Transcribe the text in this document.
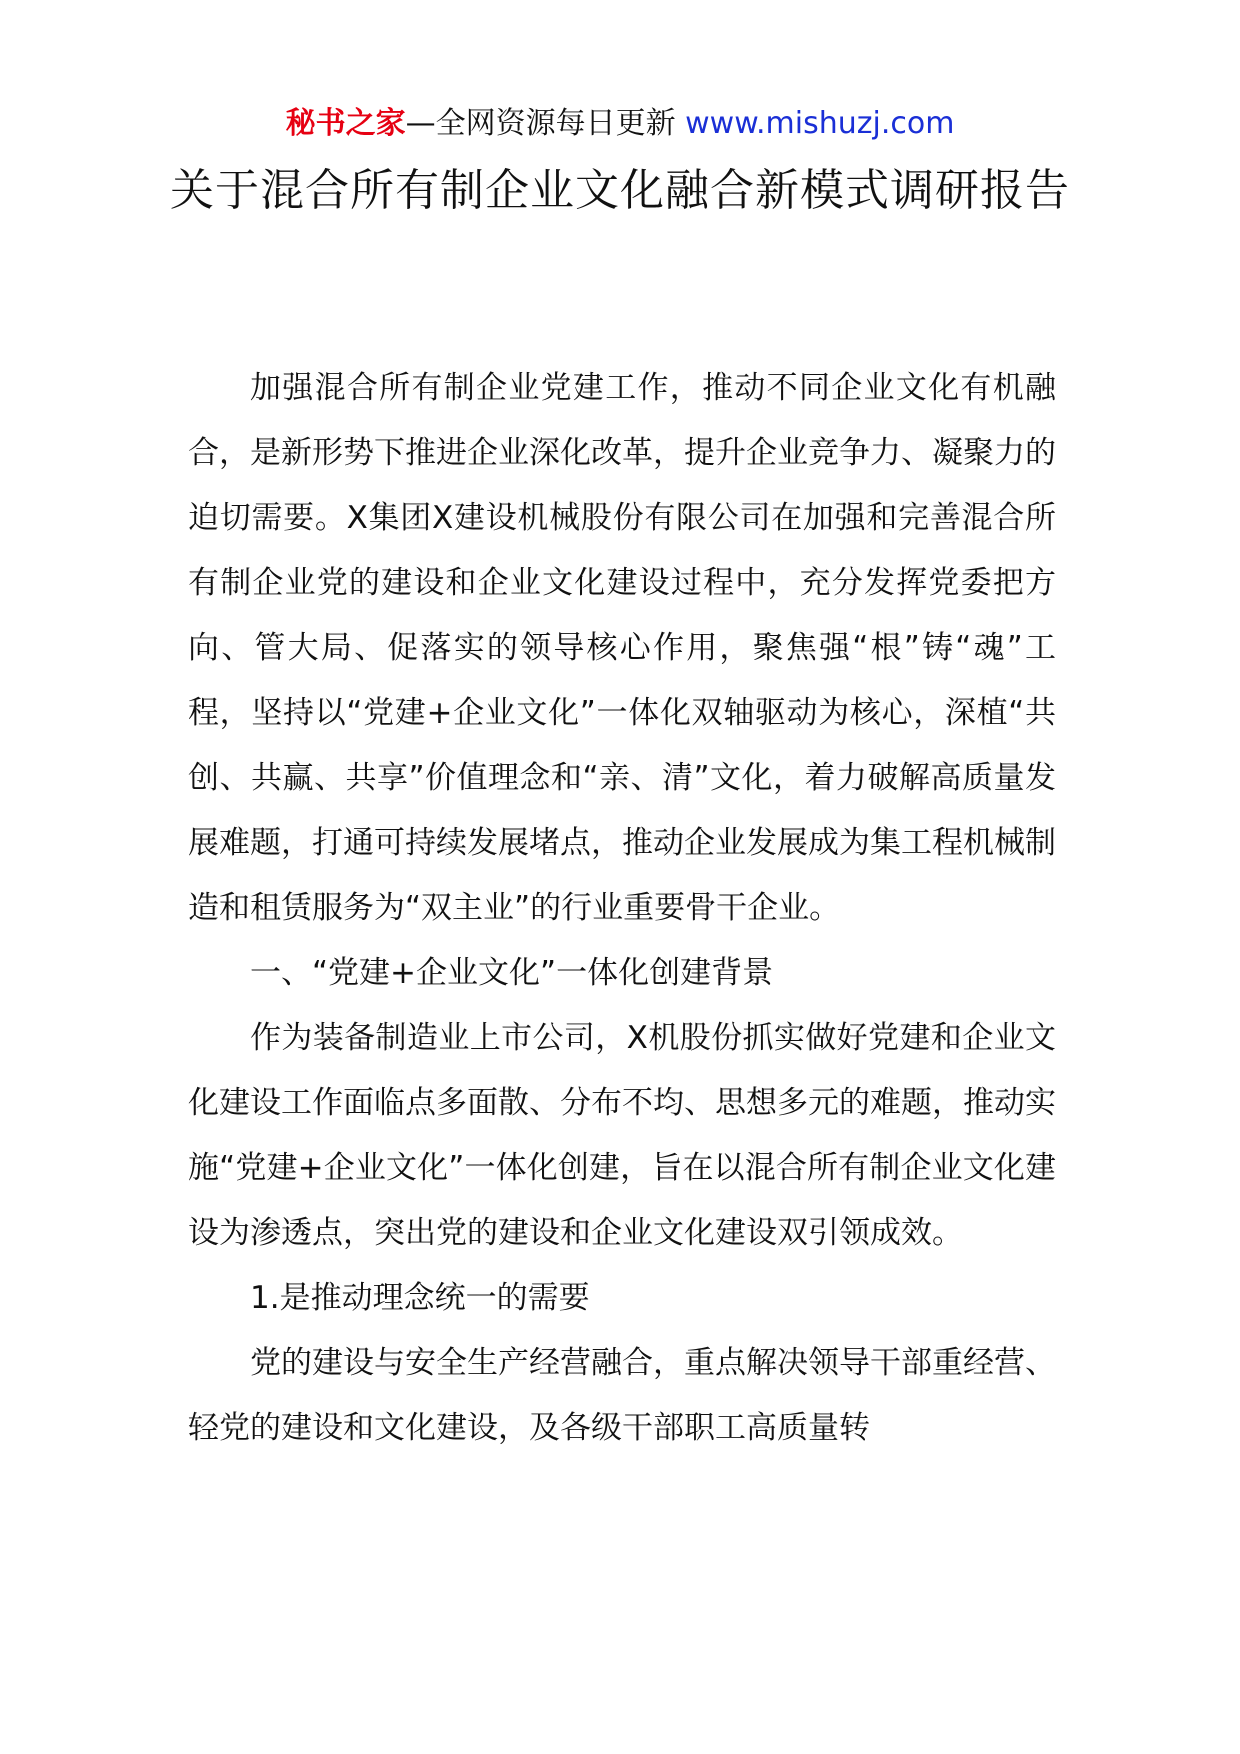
秘书之家—全网资源每日更新 www.mishuzj.com
关于混合所有制企业文化融合新模式调研报告

加强混合所有制企业党建工作，推动不同企业文化有机融合，是新形势下推进企业深化改革，提升企业竞争力、凝聚力的迫切需要。X集团X建设机械股份有限公司在加强和完善混合所有制企业党的建设和企业文化建设过程中，充分发挥党委把方向、管大局、促落实的领导核心作用，聚焦强“根”铸“魂”工程，坚持以“党建+企业文化”一体化双轴驱动为核心，深植“共创、共赢、共享”价值理念和“亲、清”文化，着力破解高质量发展难题，打通可持续发展堵点，推动企业发展成为集工程机械制造和租赁服务为“双主业”的行业重要骨干企业。

一、“党建+企业文化”一体化创建背景

作为装备制造业上市公司，X机股份抓实做好党建和企业文化建设工作面临点多面散、分布不均、思想多元的难题，推动实施“党建+企业文化”一体化创建，旨在以混合所有制企业文化建设为渗透点，突出党的建设和企业文化建设双引领成效。

1.是推动理念统一的需要

党的建设与安全生产经营融合，重点解决领导干部重经营、轻党的建设和文化建设，及各级干部职工高质量转
